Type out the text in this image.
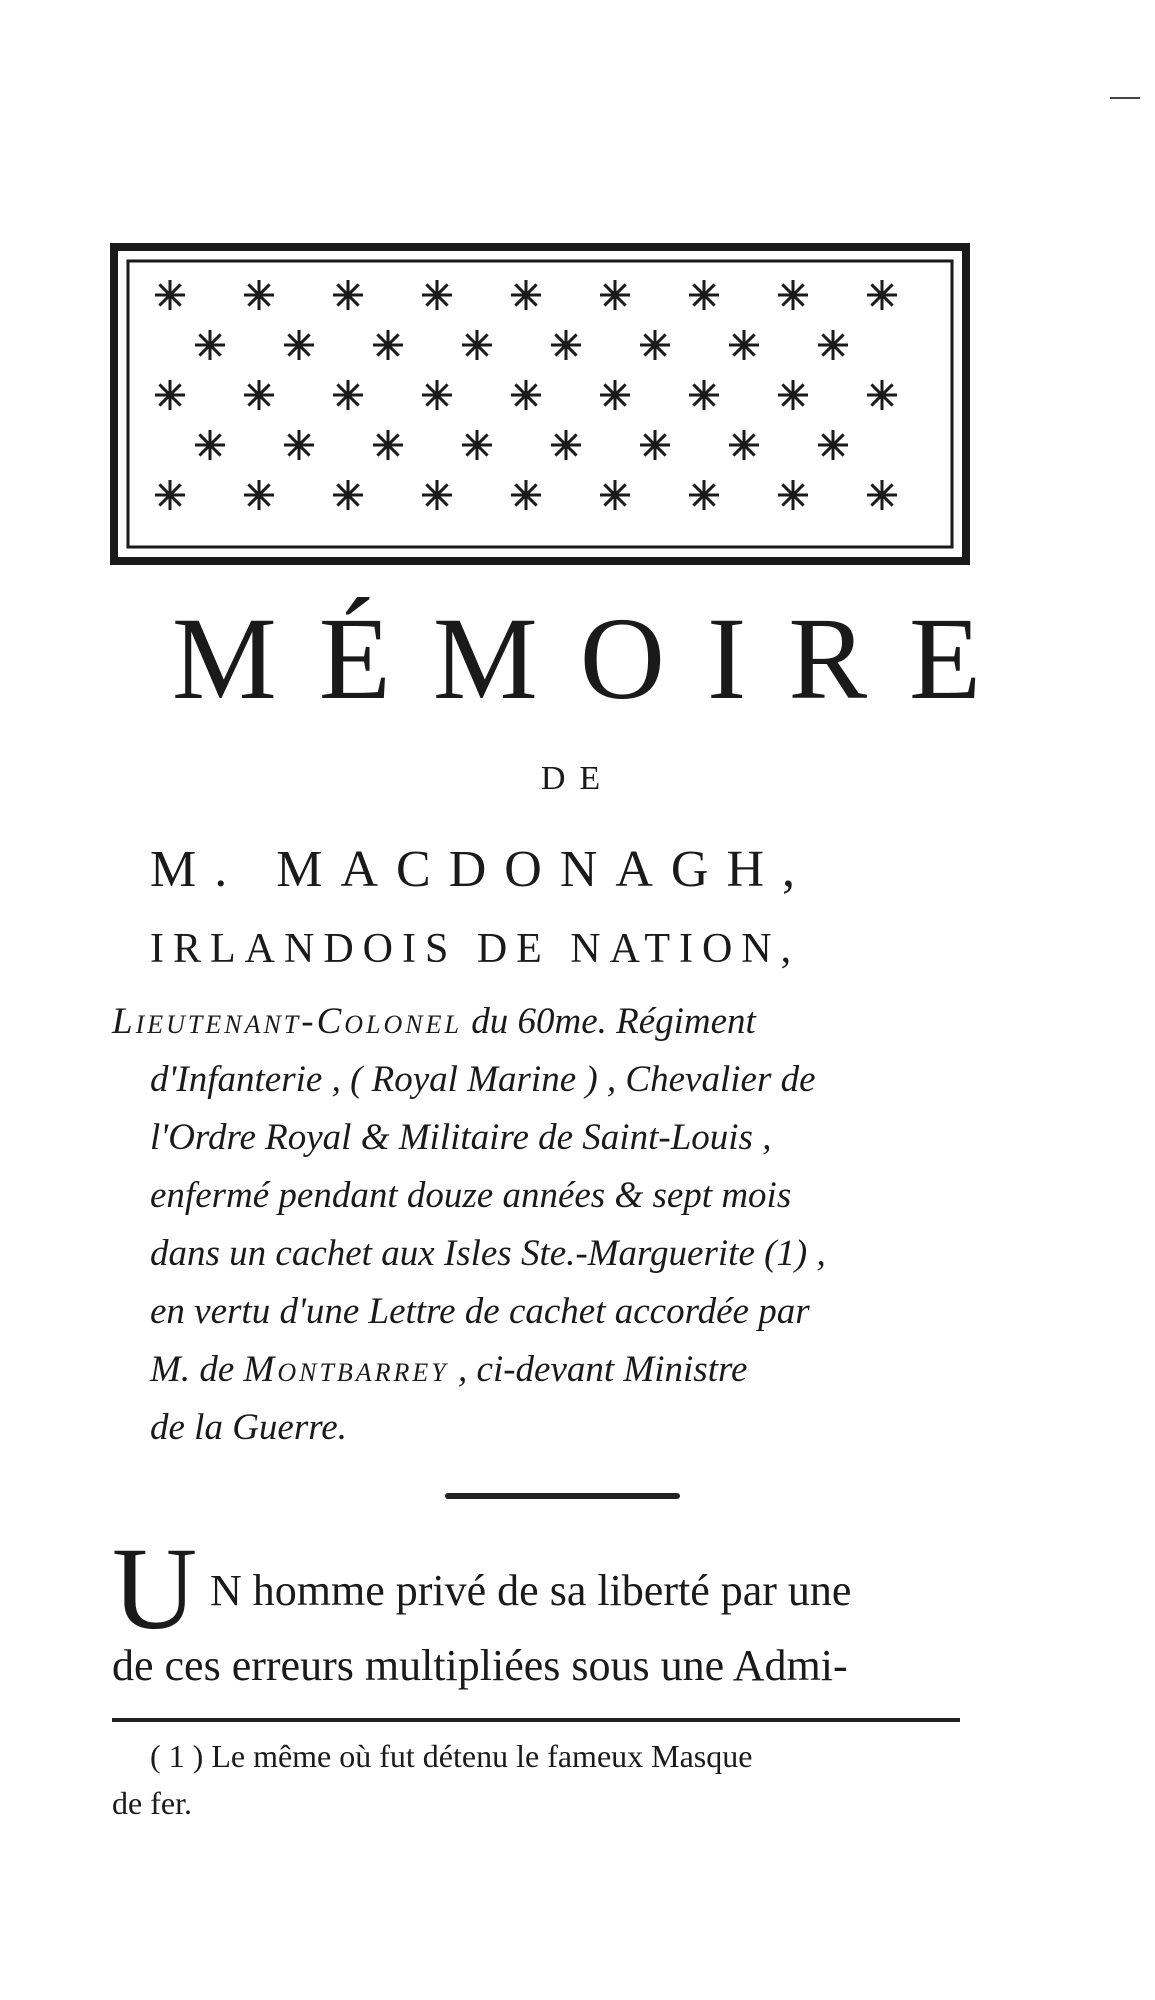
MÉMOIRE
DE
M. MACDONAGH,
IRLANDOIS DE NATION,
Lieutenant-Colonel du 60me. Régiment
d'Infanterie , ( Royal Marine ) , Chevalier de
l'Ordre Royal & Militaire de Saint-Louis ,
enfermé pendant douze années & sept mois
dans un cachet aux Isles Ste.-Marguerite (1) ,
en vertu d'une Lettre de cachet accordée par
M. de Montbarrey , ci-devant Ministre
de la Guerre.
U N homme privé de sa liberté par une
de ces erreurs multipliées sous une Admi-
( 1 ) Le même où fut détenu le fameux Masque
de fer.
